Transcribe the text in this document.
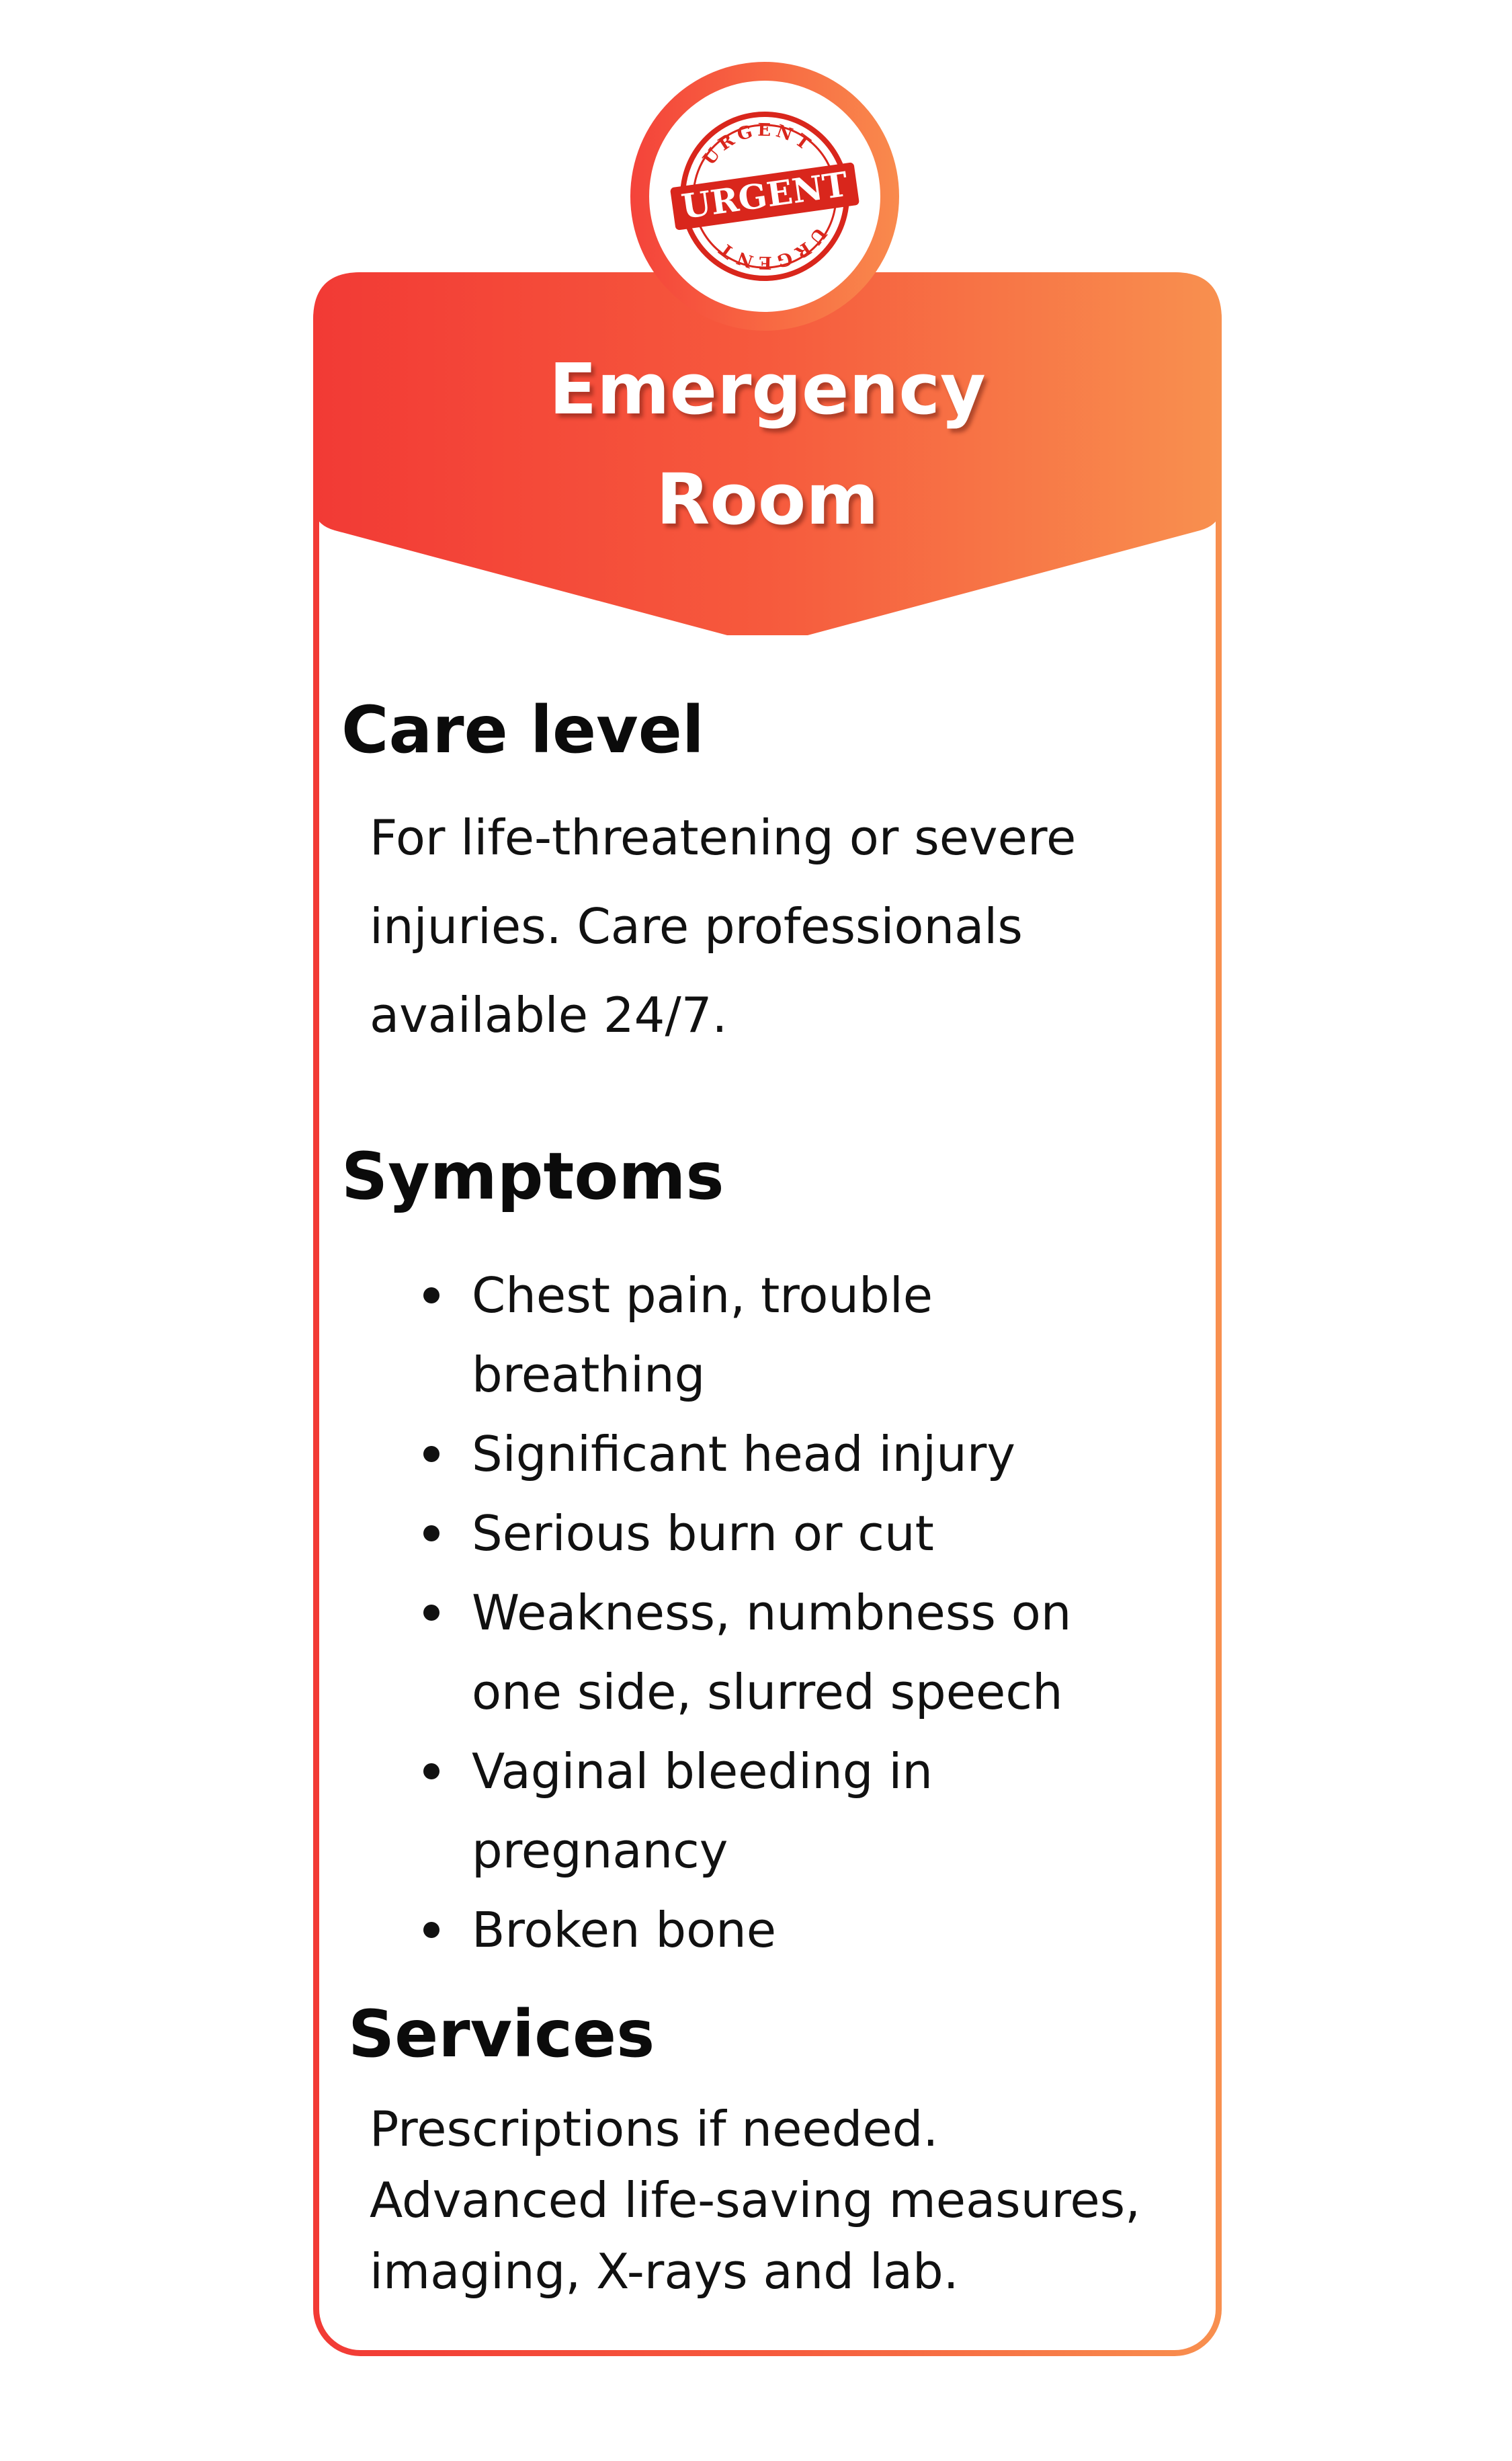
Emergency
Room
URGENT
URGENT
URGENT
Care level
For life-threatening or severe
injuries. Care professionals
available 24/7.
Symptoms
Chest pain, trouble
breathing
Significant head injury
Serious burn or cut
Weakness, numbness on
one side, slurred speech
Vaginal bleeding in
pregnancy
Broken bone
Services
Prescriptions if needed.
Advanced life-saving measures,
imaging, X-rays and lab.
